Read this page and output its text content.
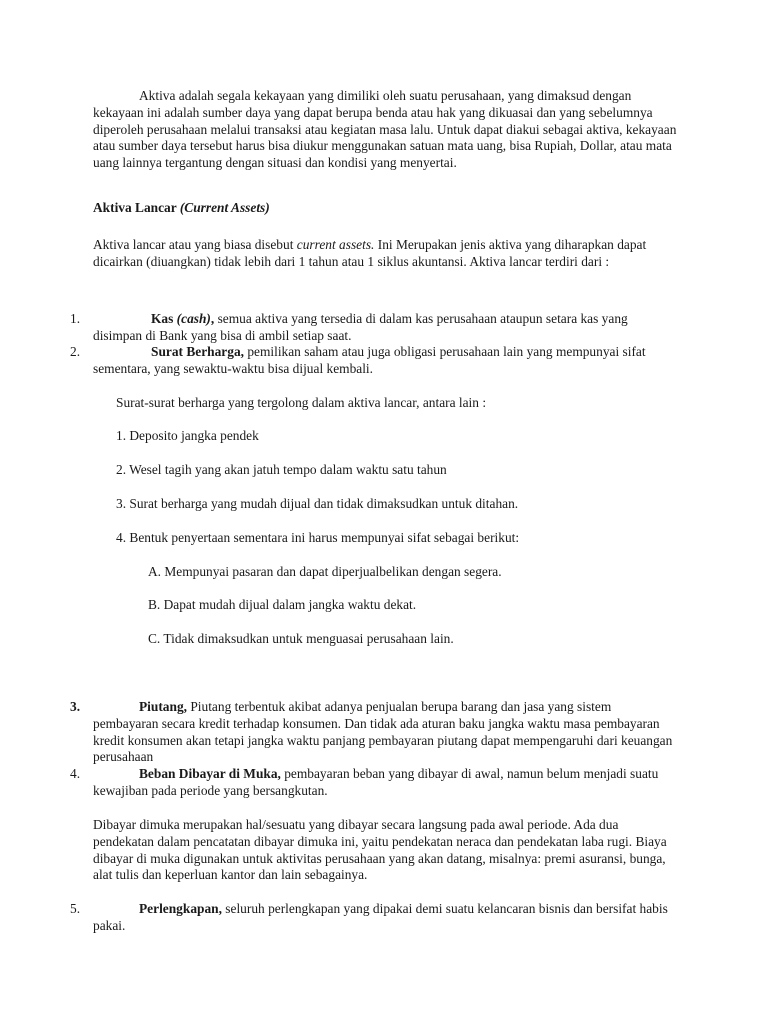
Aktiva adalah segala kekayaan yang dimiliki oleh suatu perusahaan, yang dimaksud dengan kekayaan ini adalah sumber daya yang dapat berupa benda atau hak yang dikuasai dan yang sebelumnya diperoleh perusahaan melalui transaksi atau kegiatan masa lalu. Untuk dapat diakui sebagai aktiva, kekayaan atau sumber daya tersebut harus bisa diukur menggunakan satuan mata uang, bisa Rupiah, Dollar, atau mata uang lainnya tergantung dengan situasi dan kondisi yang menyertai.

Aktiva Lancar (Current Assets)

Aktiva lancar atau yang biasa disebut current assets. Ini Merupakan jenis aktiva yang diharapkan dapat dicairkan (diuangkan) tidak lebih dari 1 tahun atau 1 siklus akuntansi. Aktiva lancar terdiri dari :

1.	Kas (cash), semua aktiva yang tersedia di dalam kas perusahaan ataupun setara kas yang disimpan di Bank yang bisa di ambil setiap saat.

2.	Surat Berharga, pemilikan saham atau juga obligasi perusahaan lain yang mempunyai sifat sementara, yang sewaktu-waktu bisa dijual kembali.

Surat-surat berharga yang tergolong dalam aktiva lancar, antara lain :

1. Deposito jangka pendek

2. Wesel tagih yang akan jatuh tempo dalam waktu satu tahun

3. Surat berharga yang mudah dijual dan tidak dimaksudkan untuk ditahan.

4. Bentuk penyertaan sementara ini harus mempunyai sifat sebagai berikut:

A. Mempunyai pasaran dan dapat diperjualbelikan dengan segera.

B. Dapat mudah dijual dalam jangka waktu dekat.

C. Tidak dimaksudkan untuk menguasai perusahaan lain.

3.	Piutang, Piutang terbentuk akibat adanya penjualan berupa barang dan jasa yang sistem pembayaran secara kredit terhadap konsumen. Dan tidak ada aturan baku jangka waktu masa pembayaran kredit konsumen akan tetapi jangka waktu panjang pembayaran piutang dapat mempengaruhi dari keuangan perusahaan

4.	Beban Dibayar di Muka, pembayaran beban yang dibayar di awal, namun belum menjadi suatu kewajiban pada periode yang bersangkutan.

Dibayar dimuka merupakan hal/sesuatu yang dibayar secara langsung pada awal periode. Ada dua pendekatan dalam pencatatan dibayar dimuka ini, yaitu pendekatan neraca dan pendekatan laba rugi. Biaya dibayar di muka digunakan untuk aktivitas perusahaan yang akan datang, misalnya: premi asuransi, bunga, alat tulis dan keperluan kantor dan lain sebagainya.

5.	Perlengkapan, seluruh perlengkapan yang dipakai demi suatu kelancaran bisnis dan bersifat habis pakai.
